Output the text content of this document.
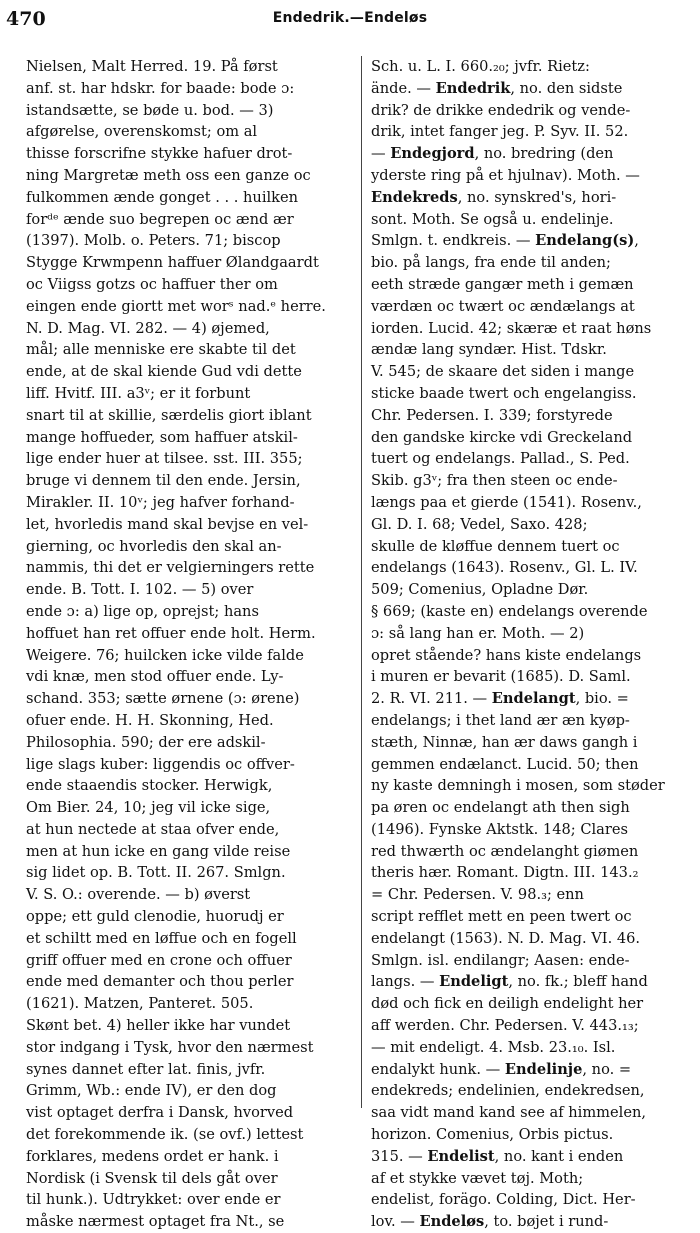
470	Endedrik.—Endeløs
Nielsen, Malt Herred. 19. På først
anf. st. har hdskr. for baade: bode ɔ:
istandsætte, se bøde u. bod. — 3)
afgørelse, overenskomst; om al
thisse forscrifne stykke hafuer drot-
ning Margretæ meth oss een ganze oc
fulkommen ænde gonget . . . huilken
forᵈᵉ ænde suo begrepen oc ænd ær
(1397). Molb. o. Peters. 71; biscop
Stygge Krwmpenn haffuer Ølandgaardt
oc Viigss gotzs oc haffuer ther om
eingen ende giortt met worˢ nad.ᵉ herre.
N. D. Mag. VI. 282. — 4) øjemed,
mål; alle menniske ere skabte til det
ende, at de skal kiende Gud vdi dette
liff. Hvitf. III. a3ᵛ; er it forbunt
snart til at skillie, særdelis giort iblant
mange hoffueder, som haffuer atskil-
lige ender huer at tilsee. sst. III. 355;
bruge vi dennem til den ende. Jersin,
Mirakler. II. 10ᵛ; jeg hafver forhand-
let, hvorledis mand skal bevjse en vel-
gierning, oc hvorledis den skal an-
nammis, thi det er velgierningers rette
ende. B. Tott. I. 102. — 5) over
ende ɔ: a) lige op, oprejst; hans
hoffuet han ret offuer ende holt. Herm.
Weigere. 76; huilcken icke vilde falde
vdi knæ, men stod offuer ende. Ly-
schand. 353; sætte ørnene (ɔ: ørene)
ofuer ende. H. H. Skonning, Hed.
Philosophia. 590; der ere adskil-
lige slags kuber: liggendis oc offver-
ende staaendis stocker. Herwigk,
Om Bier. 24, 10; jeg vil icke sige,
at hun nectede at staa ofver ende,
men at hun icke en gang vilde reise
sig lidet op. B. Tott. II. 267. Smlgn.
V. S. O.: overende. — b) øverst
oppe; ett guld clenodie, huorudj er
et schiltt med en løffue och en fogell
griff offuer med en crone och offuer
ende med demanter och thou perler
(1621). Matzen, Panteret. 505.
Skønt bet. 4) heller ikke har vundet
stor indgang i Tysk, hvor den nærmest
synes dannet efter lat. finis, jvfr.
Grimm, Wb.: ende IV), er den dog
vist optaget derfra i Dansk, hvorved
det forekommende ik. (se ovf.) lettest
forklares, medens ordet er hank. i
Nordisk (i Svensk til dels gåt over
til hunk.). Udtrykket: over ende er
måske nærmest optaget fra Nt., se
Sch. u. L. I. 660.₂₀; jvfr. Rietz:
ände. — Endedrik, no. den sidste
drik? de drikke endedrik og vende-
drik, intet fanger jeg. P. Syv. II. 52.
— Endegjord, no. bredring (den
yderste ring på et hjulnav). Moth. —
Endekreds, no. synskred's, hori-
sont. Moth. Se også u. endelinje.
Smlgn. t. endkreis. — Endelang(s),
bio. på langs, fra ende til anden;
eeth stræde gangær meth i gemæn
værdæn oc twært oc ændælangs at
iorden. Lucid. 42; skæræ et raat høns
ændæ lang syndær. Hist. Tdskr.
V. 545; de skaare det siden i mange
sticke baade twert och engelangiss.
Chr. Pedersen. I. 339; forstyrede
den gandske kircke vdi Greckeland
tuert og endelangs. Pallad., S. Ped.
Skib. g3ᵛ; fra then steen oc ende-
længs paa et gierde (1541). Rosenv.,
Gl. D. I. 68; Vedel, Saxo. 428;
skulle de kløffue dennem tuert oc
endelangs (1643). Rosenv., Gl. L. IV.
509; Comenius, Opladne Dør.
§ 669; (kaste en) endelangs overende
ɔ: så lang han er. Moth. — 2)
opret stående? hans kiste endelangs
i muren er bevarit (1685). D. Saml.
2. R. VI. 211. — Endelangt, bio. =
endelangs; i thet land ær æn kyøp-
stæth, Ninnæ, han ær daws gangh i
gemmen endælanct. Lucid. 50; then
ny kaste demningh i mosen, som støder
pa øren oc endelangt ath then sigh
(1496). Fynske Aktstk. 148; Clares
red thwærth oc ændelanght giømen
theris hær. Romant. Digtn. III. 143.₂
= Chr. Pedersen. V. 98.₃; enn
script refflet mett en peen twert oc
endelangt (1563). N. D. Mag. VI. 46.
Smlgn. isl. endilangr; Aasen: ende-
langs. — Endeligt, no. fk.; bleff hand
død och fick en deiligh endelight her
aff werden. Chr. Pedersen. V. 443.₁₃;
— mit endeligt. 4. Msb. 23.₁₀. Isl.
endalykt hunk. — Endelinje, no. =
endekreds; endelinien, endekredsen,
saa vidt mand kand see af himmelen,
horizon. Comenius, Orbis pictus.
315. — Endelist, no. kant i enden
af et stykke vævet tøj. Moth;
endelist, forägo. Colding, Dict. Her-
lov. — Endeløs, to. bøjet i rund-
